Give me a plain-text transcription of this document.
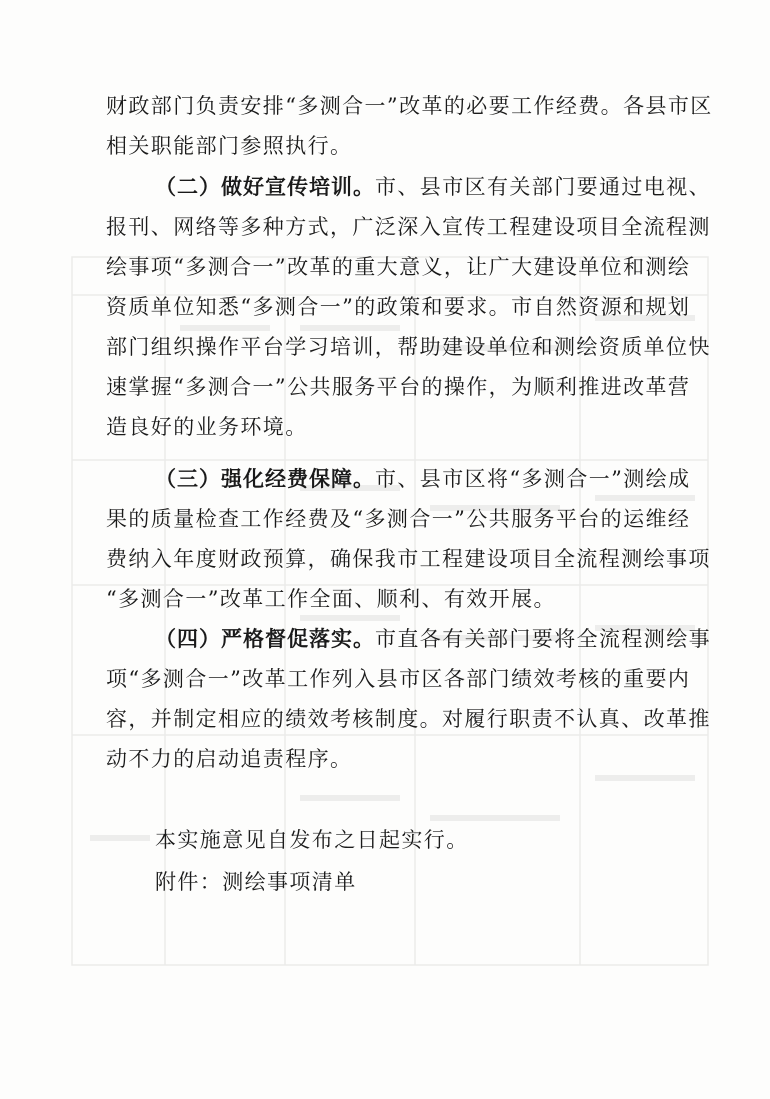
财政部门负责安排“多测合一”改革的必要工作经费。各县市区
相关职能部门参照执行。
（二）做好宣传培训。市、县市区有关部门要通过电视、
报刊、网络等多种方式，广泛深入宣传工程建设项目全流程测
绘事项“多测合一”改革的重大意义，让广大建设单位和测绘
资质单位知悉“多测合一”的政策和要求。市自然资源和规划
部门组织操作平台学习培训，帮助建设单位和测绘资质单位快
速掌握“多测合一”公共服务平台的操作，为顺利推进改革营
造良好的业务环境。
（三）强化经费保障。市、县市区将“多测合一”测绘成
果的质量检查工作经费及“多测合一”公共服务平台的运维经
费纳入年度财政预算，确保我市工程建设项目全流程测绘事项
“多测合一”改革工作全面、顺利、有效开展。
（四）严格督促落实。市直各有关部门要将全流程测绘事
项“多测合一”改革工作列入县市区各部门绩效考核的重要内
容，并制定相应的绩效考核制度。对履行职责不认真、改革推
动不力的启动追责程序。
本实施意见自发布之日起实行。
附件：测绘事项清单
